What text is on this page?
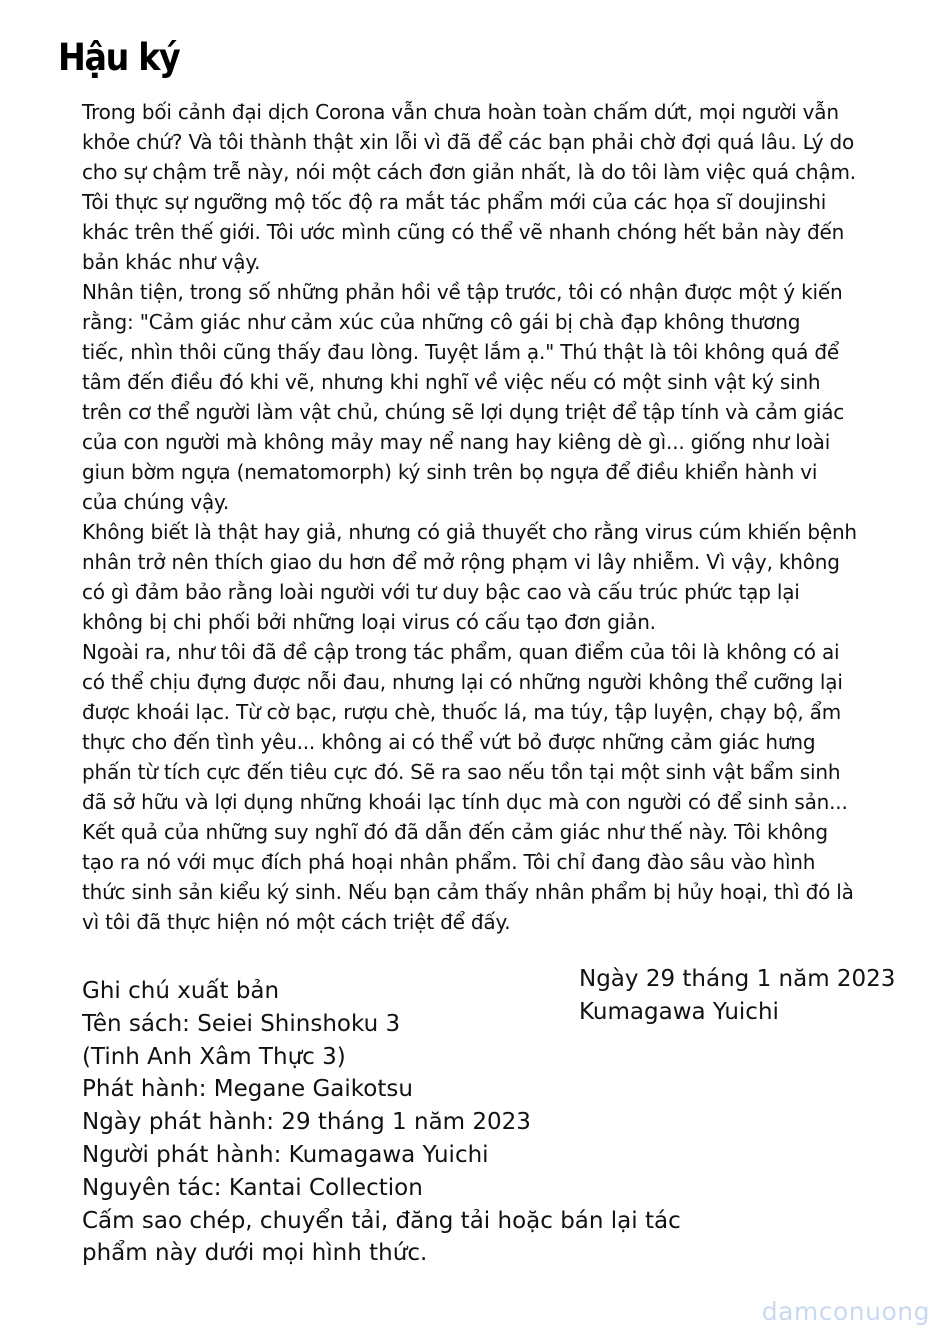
Hậu ký
Trong bối cảnh đại dịch Corona vẫn chưa hoàn toàn chấm dứt, mọi người vẫn
khỏe chứ? Và tôi thành thật xin lỗi vì đã để các bạn phải chờ đợi quá lâu. Lý do
cho sự chậm trễ này, nói một cách đơn giản nhất, là do tôi làm việc quá chậm.
Tôi thực sự ngưỡng mộ tốc độ ra mắt tác phẩm mới của các họa sĩ doujinshi
khác trên thế giới. Tôi ước mình cũng có thể vẽ nhanh chóng hết bản này đến
bản khác như vậy.
Nhân tiện, trong số những phản hồi về tập trước, tôi có nhận được một ý kiến
rằng: "Cảm giác như cảm xúc của những cô gái bị chà đạp không thương
tiếc, nhìn thôi cũng thấy đau lòng. Tuyệt lắm ạ." Thú thật là tôi không quá để
tâm đến điều đó khi vẽ, nhưng khi nghĩ về việc nếu có một sinh vật ký sinh
trên cơ thể người làm vật chủ, chúng sẽ lợi dụng triệt để tập tính và cảm giác
của con người mà không mảy may nể nang hay kiêng dè gì... giống như loài
giun bờm ngựa (nematomorph) ký sinh trên bọ ngựa để điều khiển hành vi
của chúng vậy.
Không biết là thật hay giả, nhưng có giả thuyết cho rằng virus cúm khiến bệnh
nhân trở nên thích giao du hơn để mở rộng phạm vi lây nhiễm. Vì vậy, không
có gì đảm bảo rằng loài người với tư duy bậc cao và cấu trúc phức tạp lại
không bị chi phối bởi những loại virus có cấu tạo đơn giản.
Ngoài ra, như tôi đã đề cập trong tác phẩm, quan điểm của tôi là không có ai
có thể chịu đựng được nỗi đau, nhưng lại có những người không thể cưỡng lại
được khoái lạc. Từ cờ bạc, rượu chè, thuốc lá, ma túy, tập luyện, chạy bộ, ẩm
thực cho đến tình yêu... không ai có thể vứt bỏ được những cảm giác hưng
phấn từ tích cực đến tiêu cực đó. Sẽ ra sao nếu tồn tại một sinh vật bẩm sinh
đã sở hữu và lợi dụng những khoái lạc tính dục mà con người có để sinh sản...
Kết quả của những suy nghĩ đó đã dẫn đến cảm giác như thế này. Tôi không
tạo ra nó với mục đích phá hoại nhân phẩm. Tôi chỉ đang đào sâu vào hình
thức sinh sản kiểu ký sinh. Nếu bạn cảm thấy nhân phẩm bị hủy hoại, thì đó là
vì tôi đã thực hiện nó một cách triệt để đấy.
Ngày 29 tháng 1 năm 2023
Kumagawa Yuichi
Ghi chú xuất bản
Tên sách: Seiei Shinshoku 3
(Tinh Anh Xâm Thực 3)
Phát hành: Megane Gaikotsu
Ngày phát hành: 29 tháng 1 năm 2023
Người phát hành: Kumagawa Yuichi
Nguyên tác: Kantai Collection
Cấm sao chép, chuyển tải, đăng tải hoặc bán lại tác
phẩm này dưới mọi hình thức.
damconuong
